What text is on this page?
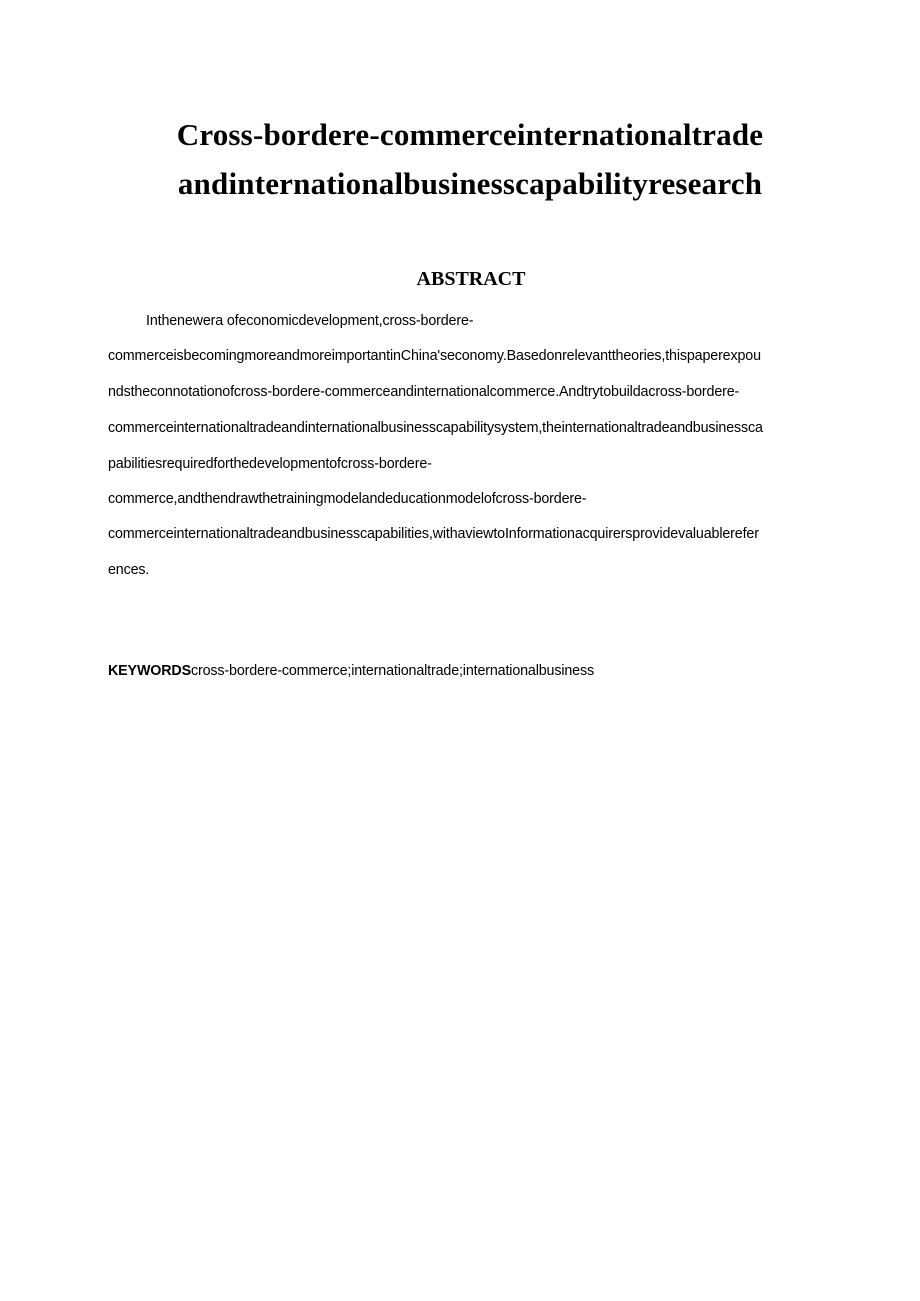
Cross-bordere-commerceinternationaltrade
andinternationalbusinesscapabilityresearch
ABSTRACT
Inthenewera ofeconomicdevelopment,cross-bordere-
commerceisbecomingmoreandmoreimportantinChina'seconomy.Basedonrelevanttheories,thispaperexpou
ndstheconnotationofcross-bordere-commerceandinternationalcommerce.Andtrytobuildacross-bordere-
commerceinternationaltradeandinternationalbusinesscapabilitysystem,theinternationaltradeandbusinessca
pabilitiesrequiredforthedevelopmentofcross-bordere-
commerce,andthendrawthetrainingmodelandeducationmodelofcross-bordere-
commerceinternationaltradeandbusinesscapabilities,withaviewtoInformationacquirersprovidevaluablerefer
ences.
KEYWORDScross-bordere-commerce;internationaltrade;internationalbusiness
